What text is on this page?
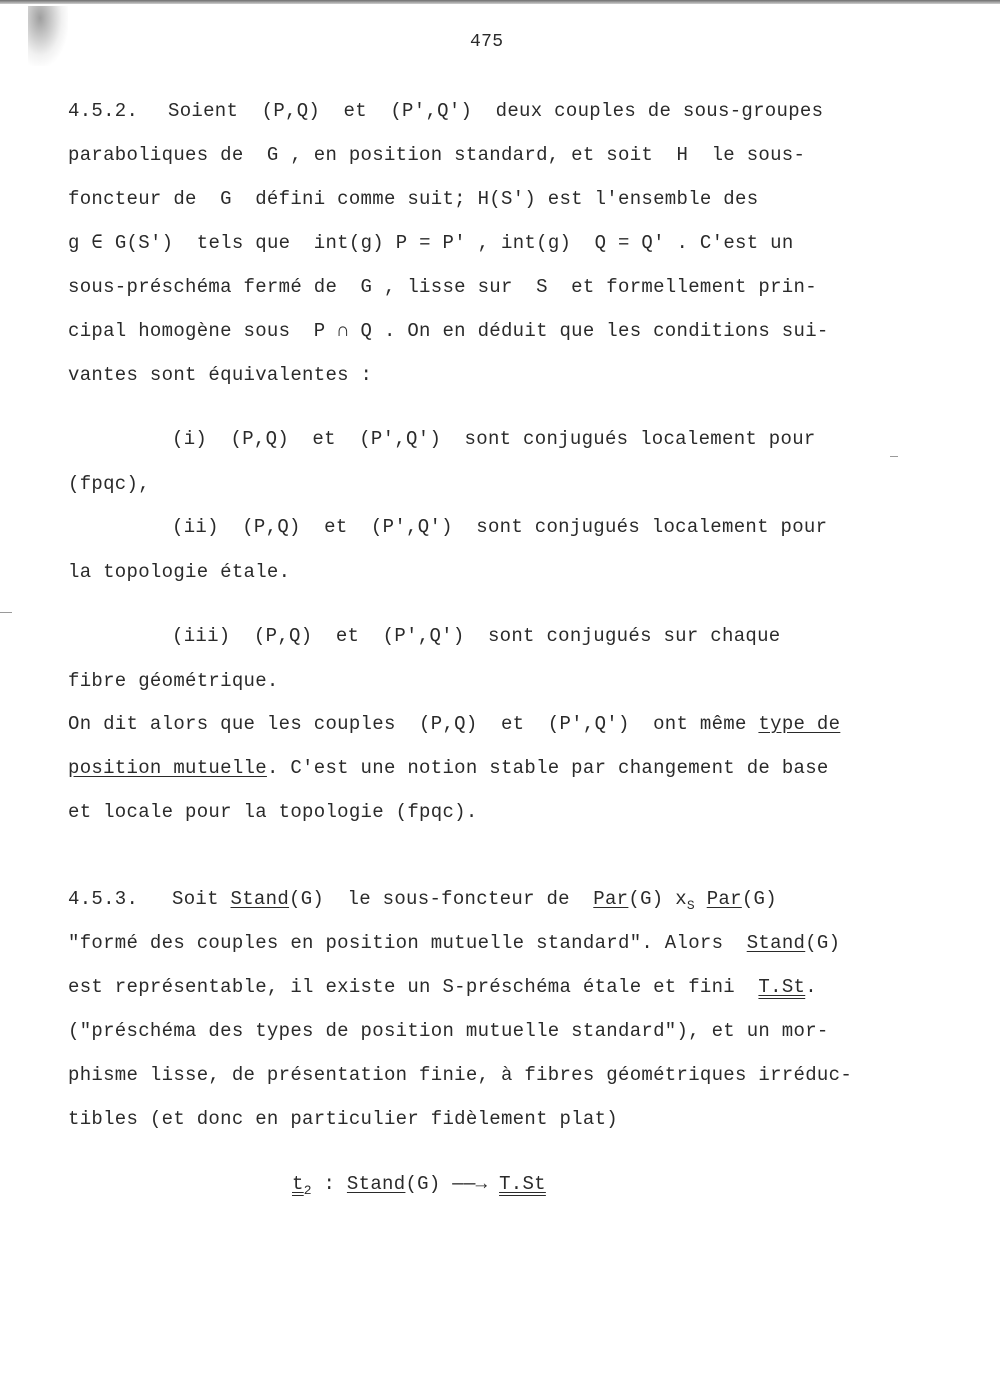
475

4.5.2. Soient  (P,Q)  et  (P',Q')  deux couples de sous-groupes

paraboliques de  G , en position standard, et soit  H  le sous-

foncteur de  G  défini comme suit; H(S') est l'ensemble des

g ∈ G(S')  tels que  int(g) P = P' , int(g)  Q = Q' . C'est un

sous-préschéma fermé de  G , lisse sur  S  et formellement prin-

cipal homogène sous  P ∩ Q . On en déduit que les conditions sui-

vantes sont équivalentes :

(i)  (P,Q)  et  (P',Q')  sont conjugués localement pour

(fpqc),

(ii)  (P,Q)  et  (P',Q')  sont conjugués localement pour

la topologie étale.

(iii)  (P,Q)  et  (P',Q')  sont conjugués sur chaque

fibre géométrique.

On dit alors que les couples  (P,Q)  et  (P',Q')  ont même type de

position mutuelle. C'est une notion stable par changement de base

et locale pour la topologie (fpqc).

4.5.3. Soit Stand(G)  le sous-foncteur de  Par(G) $x_S$ Par(G)

"formé des couples en position mutuelle standard". Alors  Stand(G)

est représentable, il existe un S-préschéma étale et fini  T.St.

("préschéma des types de position mutuelle standard"), et un mor-

phisme lisse, de présentation finie, à fibres géométriques irréduc-

tibles (et donc en particulier fidèlement plat)

$t_2$ : Stand(G) ——→ T.St
